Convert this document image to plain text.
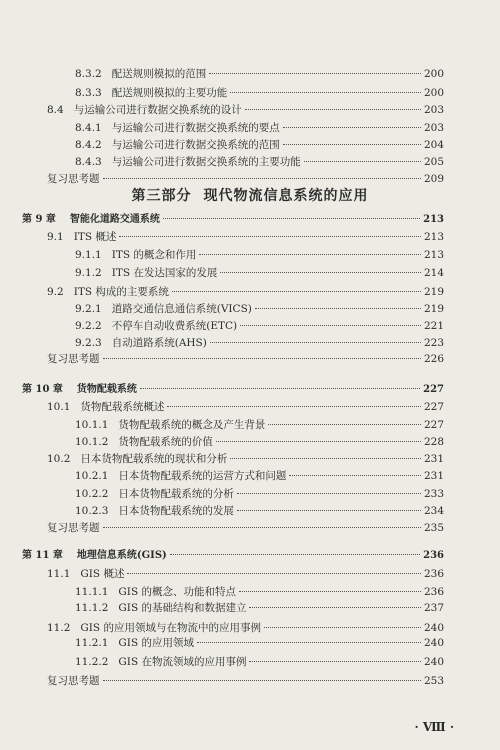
8.3.2 配送规则模拟的范围	200
8.3.3 配送规则模拟的主要功能	200
8.4 与运输公司进行数据交换系统的设计	203
8.4.1 与运输公司进行数据交换系统的要点	203
8.4.2 与运输公司进行数据交换系统的范围	204
8.4.3 与运输公司进行数据交换系统的主要功能	205
复习思考题	209
第三部分 现代物流信息系统的应用
第 9 章 智能化道路交通系统	213
9.1 ITS 概述	213
9.1.1 ITS 的概念和作用	213
9.1.2 ITS 在发达国家的发展	214
9.2 ITS 构成的主要系统	219
9.2.1 道路交通信息通信系统(VICS)	219
9.2.2 不停车自动收费系统(ETC)	221
9.2.3 自动道路系统(AHS)	223
复习思考题	226
第 10 章 货物配载系统	227
10.1 货物配载系统概述	227
10.1.1 货物配载系统的概念及产生背景	227
10.1.2 货物配载系统的价值	228
10.2 日本货物配载系统的现状和分析	231
10.2.1 日本货物配载系统的运营方式和问题	231
10.2.2 日本货物配载系统的分析	233
10.2.3 日本货物配载系统的发展	234
复习思考题	235
第 11 章 地理信息系统(GIS)	236
11.1 GIS 概述	236
11.1.1 GIS 的概念、功能和特点	236
11.1.2 GIS 的基础结构和数据建立	237
11.2 GIS 的应用领域与在物流中的应用事例	240
11.2.1 GIS 的应用领域	240
11.2.2 GIS 在物流领域的应用事例	240
复习思考题	253
· Ⅷ ·
